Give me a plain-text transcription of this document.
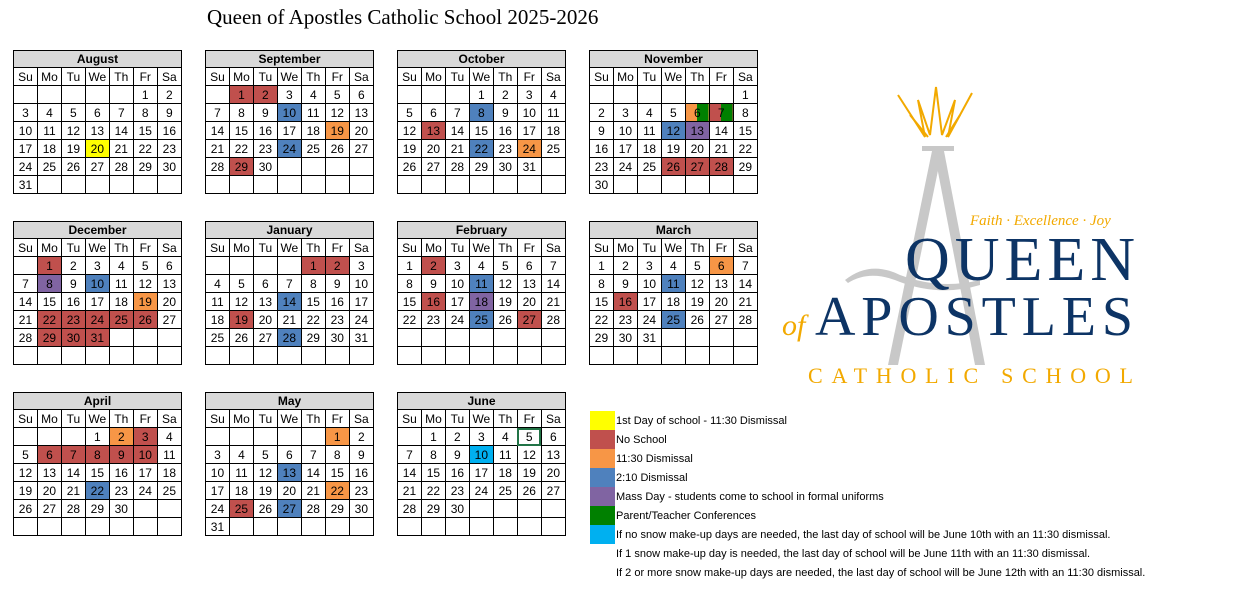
Queen of Apostles Catholic School 2025-2026
August						
Su	Mo	Tu	We	Th	Fr	Sa
					1	2
3	4	5	6	7	8	9
10	11	12	13	14	15	16
17	18	19	20	21	22	23
24	25	26	27	28	29	30
31						
September						
Su	Mo	Tu	We	Th	Fr	Sa
	1	2	3	4	5	6
7	8	9	10	11	12	13
14	15	16	17	18	19	20
21	22	23	24	25	26	27
28	29	30				

October						
Su	Mo	Tu	We	Th	Fr	Sa
			1	2	3	4
5	6	7	8	9	10	11
12	13	14	15	16	17	18
19	20	21	22	23	24	25
26	27	28	29	30	31	

November						
Su	Mo	Tu	We	Th	Fr	Sa
						1
2	3	4	5	6	7	8
9	10	11	12	13	14	15
16	17	18	19	20	21	22
23	24	25	26	27	28	29
30						
December						
Su	Mo	Tu	We	Th	Fr	Sa
	1	2	3	4	5	6
7	8	9	10	11	12	13
14	15	16	17	18	19	20
21	22	23	24	25	26	27
28	29	30	31			

January						
Su	Mo	Tu	We	Th	Fr	Sa
				1	2	3
4	5	6	7	8	9	10
11	12	13	14	15	16	17
18	19	20	21	22	23	24
25	26	27	28	29	30	31

February						
Su	Mo	Tu	We	Th	Fr	Sa
1	2	3	4	5	6	7
8	9	10	11	12	13	14
15	16	17	18	19	20	21
22	23	24	25	26	27	28

March						
Su	Mo	Tu	We	Th	Fr	Sa
1	2	3	4	5	6	7
8	9	10	11	12	13	14
15	16	17	18	19	20	21
22	23	24	25	26	27	28
29	30	31				

April						
Su	Mo	Tu	We	Th	Fr	Sa
			1	2	3	4
5	6	7	8	9	10	11
12	13	14	15	16	17	18
19	20	21	22	23	24	25
26	27	28	29	30		

May						
Su	Mo	Tu	We	Th	Fr	Sa
					1	2
3	4	5	6	7	8	9
10	11	12	13	14	15	16
17	18	19	20	21	22	23
24	25	26	27	28	29	30
31						
June						
Su	Mo	Tu	We	Th	Fr	Sa
	1	2	3	4	5	6
7	8	9	10	11	12	13
14	15	16	17	18	19	20
21	22	23	24	25	26	27
28	29	30				

1st Day of school - 11:30 Dismissal
No School
11:30 Dismissal
2:10 Dismissal
Mass Day - students come to school in formal uniforms
Parent/Teacher Conferences
If no snow make-up days are needed, the last day of school will be June 10th with an 11:30 dismissal.
If 1 snow make-up day is needed, the last day of school will be June 11th with an 11:30 dismissal.
If 2 or more snow make-up days are needed, the last day of school will be June 12th with an 11:30 dismissal.
Faith · Excellence · Joy
QUEEN
of APOSTLES
CATHOLIC SCHOOL
